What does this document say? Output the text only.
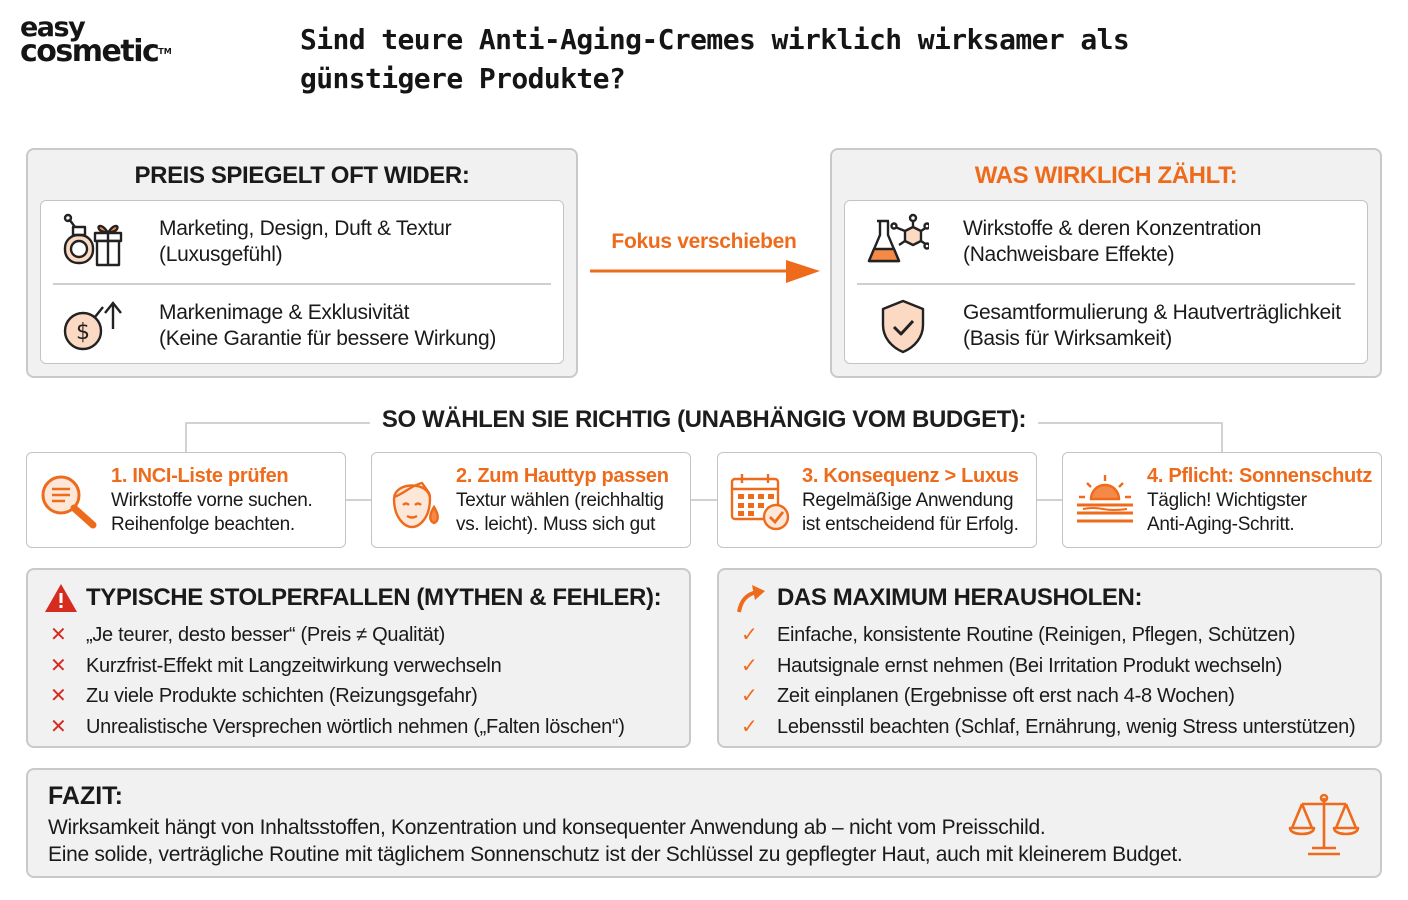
easy
cosmetic™	Sind teure Anti-Aging-Cremes wirklich wirksamer als günstigere Produkte?
PREIS SPIEGELT OFT WIDER:
Marketing, Design, Duft & Textur
(Luxusgefühl)
$
Markenimage & Exklusivität
(Keine Garantie für bessere Wirkung)
Fokus verschieben
WAS WIRKLICH ZÄHLT:
Wirkstoffe & deren Konzentration
(Nachweisbare Effekte)
Gesamtformulierung & Hautverträglichkeit
(Basis für Wirksamkeit)
SO WÄHLEN SIE RICHTIG (UNABHÄNGIG VOM BUDGET):
1. INCI-Liste prüfen
Wirkstoffe vorne suchen.
Reihenfolge beachten.
2. Zum Hauttyp passen
Textur wählen (reichhaltig
vs. leicht). Muss sich gut
3. Konsequenz > Luxus
Regelmäßige Anwendung
ist entscheidend für Erfolg.
4. Pflicht: Sonnenschutz
Täglich! Wichtigster
Anti-Aging-Schritt.
TYPISCHE STOLPERFALLEN (MYTHEN & FEHLER):
✕ „Je teurer, desto besser“ (Preis ≠ Qualität)
✕ Kurzfrist-Effekt mit Langzeitwirkung verwechseln
✕ Zu viele Produkte schichten (Reizungsgefahr)
✕ Unrealistische Versprechen wörtlich nehmen („Falten löschen“)
DAS MAXIMUM HERAUSHOLEN:
✓ Einfache, konsistente Routine (Reinigen, Pflegen, Schützen)
✓ Hautsignale ernst nehmen (Bei Irritation Produkt wechseln)
✓ Zeit einplanen (Ergebnisse oft erst nach 4-8 Wochen)
✓ Lebensstil beachten (Schlaf, Ernährung, wenig Stress unterstützen)
FAZIT:
Wirksamkeit hängt von Inhaltsstoffen, Konzentration und konsequenter Anwendung ab – nicht vom Preisschild.
Eine solide, verträgliche Routine mit täglichem Sonnenschutz ist der Schlüssel zu gepflegter Haut, auch mit kleinerem Budget.
